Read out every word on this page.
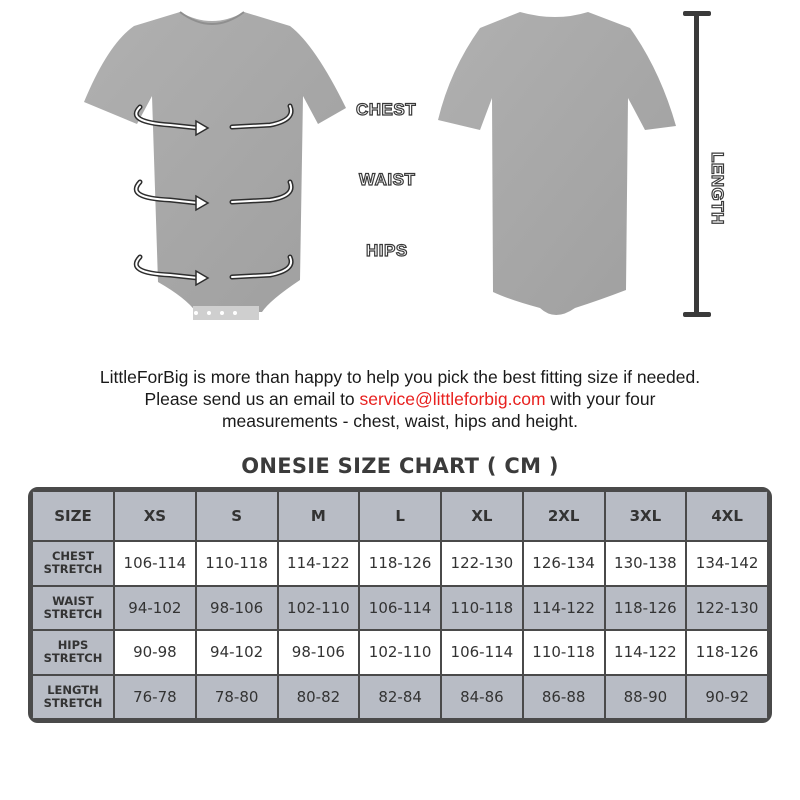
CHEST
WAIST
HIPS
LENGTH
LittleForBig is more than happy to help you pick the best fitting size if needed.
Please send us an email to service@littleforbig.com with your four
measurements - chest, waist, hips and height.
ONESIE SIZE CHART ( CM )
SIZE	XS	S	M	L	XL	2XL	3XL	4XL
CHEST
STRETCH	106-114	110-118	114-122	118-126	122-130	126-134	130-138	134-142
WAIST
STRETCH	94-102	98-106	102-110	106-114	110-118	114-122	118-126	122-130
HIPS
STRETCH	90-98	94-102	98-106	102-110	106-114	110-118	114-122	118-126
LENGTH
STRETCH	76-78	78-80	80-82	82-84	84-86	86-88	88-90	90-92
